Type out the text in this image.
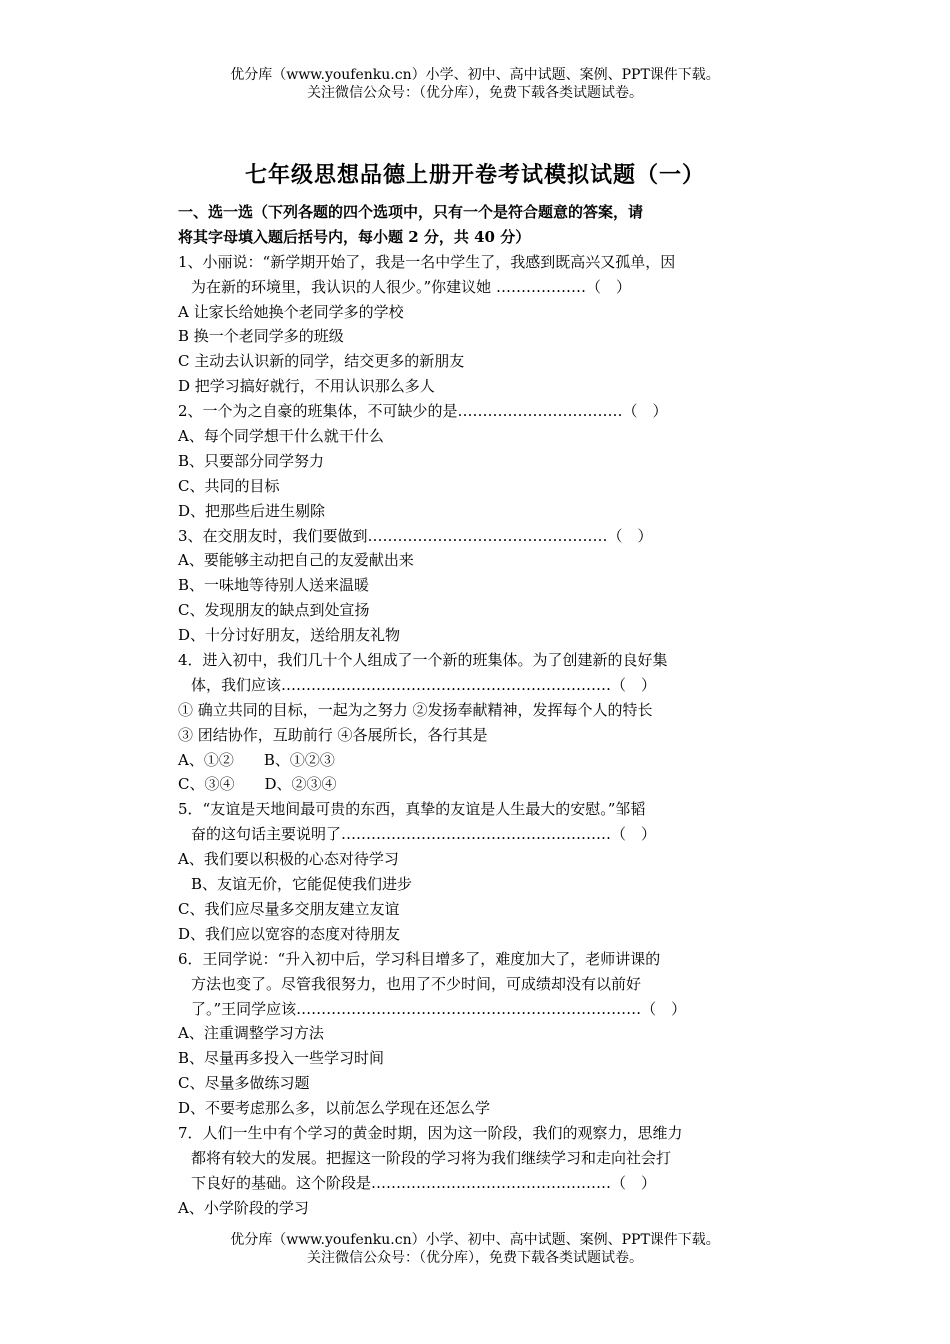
优分库（www.youfenku.cn）小学、初中、高中试题、案例、PPT课件下载。
关注微信公众号：（优分库），免费下载各类试题试卷。
七年级思想品德上册开卷考试模拟试题（一）
一、选一选（下列各题的四个选项中，只有一个是符合题意的答案，请
将其字母填入题后括号内，每小题 2 分，共 40 分）
1、小丽说：“新学期开始了，我是一名中学生了，我感到既高兴又孤单，因
为在新的环境里，我认识的人很少。”你建议她 ………………（　）
A 让家长给她换个老同学多的学校
B 换一个老同学多的班级
C 主动去认识新的同学，结交更多的新朋友
D 把学习搞好就行，不用认识那么多人
2、一个为之自豪的班集体，不可缺少的是……………………………（　）
A、每个同学想干什么就干什么
B、只要部分同学努力
C、共同的目标
D、把那些后进生剔除
3、在交朋友时，我们要做到…………………………………………（　）
A、要能够主动把自己的友爱献出来
B、一味地等待别人送来温暖
C、发现朋友的缺点到处宣扬
D、十分讨好朋友，送给朋友礼物
4．进入初中，我们几十个人组成了一个新的班集体。为了创建新的良好集
体，我们应该…………………………………………………………（　）
① 确立共同的目标，一起为之努力 ②发扬奉献精神，发挥每个人的特长
③ 团结协作，互助前行 ④各展所长，各行其是
A、①②　　B、①②③
C、③④　　D、②③④
5．“友谊是天地间最可贵的东西，真挚的友谊是人生最大的安慰。”邹韬
奋的这句话主要说明了………………………………………………（　）
A、我们要以积极的心态对待学习
B、友谊无价，它能促使我们进步
C、我们应尽量多交朋友建立友谊
D、我们应以宽容的态度对待朋友
6．王同学说：“升入初中后，学习科目增多了，难度加大了，老师讲课的
方法也变了。尽管我很努力，也用了不少时间，可成绩却没有以前好
了。”王同学应该……………………………………………………………（　）
A、注重调整学习方法
B、尽量再多投入一些学习时间
C、尽量多做练习题
D、不要考虑那么多，以前怎么学现在还怎么学
7．人们一生中有个学习的黄金时期，因为这一阶段，我们的观察力，思维力
都将有较大的发展。把握这一阶段的学习将为我们继续学习和走向社会打
下良好的基础。这个阶段是…………………………………………（　）
A、小学阶段的学习
优分库（www.youfenku.cn）小学、初中、高中试题、案例、PPT课件下载。
关注微信公众号：（优分库），免费下载各类试题试卷。
